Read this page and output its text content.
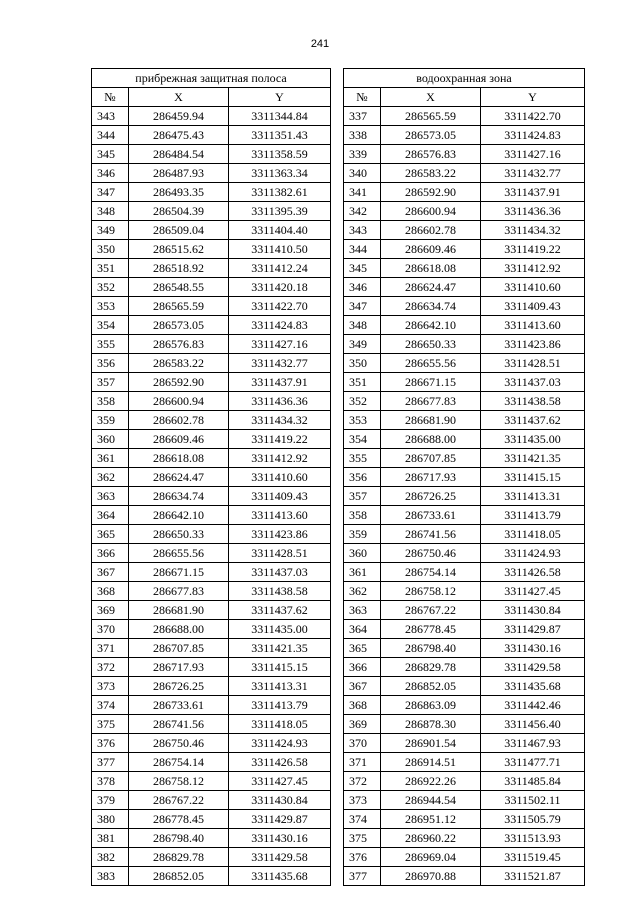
241
прибрежная защитная полоса		
№	X	Y
343	286459.94	3311344.84
344	286475.43	3311351.43
345	286484.54	3311358.59
346	286487.93	3311363.34
347	286493.35	3311382.61
348	286504.39	3311395.39
349	286509.04	3311404.40
350	286515.62	3311410.50
351	286518.92	3311412.24
352	286548.55	3311420.18
353	286565.59	3311422.70
354	286573.05	3311424.83
355	286576.83	3311427.16
356	286583.22	3311432.77
357	286592.90	3311437.91
358	286600.94	3311436.36
359	286602.78	3311434.32
360	286609.46	3311419.22
361	286618.08	3311412.92
362	286624.47	3311410.60
363	286634.74	3311409.43
364	286642.10	3311413.60
365	286650.33	3311423.86
366	286655.56	3311428.51
367	286671.15	3311437.03
368	286677.83	3311438.58
369	286681.90	3311437.62
370	286688.00	3311435.00
371	286707.85	3311421.35
372	286717.93	3311415.15
373	286726.25	3311413.31
374	286733.61	3311413.79
375	286741.56	3311418.05
376	286750.46	3311424.93
377	286754.14	3311426.58
378	286758.12	3311427.45
379	286767.22	3311430.84
380	286778.45	3311429.87
381	286798.40	3311430.16
382	286829.78	3311429.58
383	286852.05	3311435.68
водоохранная зона		
№	X	Y
337	286565.59	3311422.70
338	286573.05	3311424.83
339	286576.83	3311427.16
340	286583.22	3311432.77
341	286592.90	3311437.91
342	286600.94	3311436.36
343	286602.78	3311434.32
344	286609.46	3311419.22
345	286618.08	3311412.92
346	286624.47	3311410.60
347	286634.74	3311409.43
348	286642.10	3311413.60
349	286650.33	3311423.86
350	286655.56	3311428.51
351	286671.15	3311437.03
352	286677.83	3311438.58
353	286681.90	3311437.62
354	286688.00	3311435.00
355	286707.85	3311421.35
356	286717.93	3311415.15
357	286726.25	3311413.31
358	286733.61	3311413.79
359	286741.56	3311418.05
360	286750.46	3311424.93
361	286754.14	3311426.58
362	286758.12	3311427.45
363	286767.22	3311430.84
364	286778.45	3311429.87
365	286798.40	3311430.16
366	286829.78	3311429.58
367	286852.05	3311435.68
368	286863.09	3311442.46
369	286878.30	3311456.40
370	286901.54	3311467.93
371	286914.51	3311477.71
372	286922.26	3311485.84
373	286944.54	3311502.11
374	286951.12	3311505.79
375	286960.22	3311513.93
376	286969.04	3311519.45
377	286970.88	3311521.87
